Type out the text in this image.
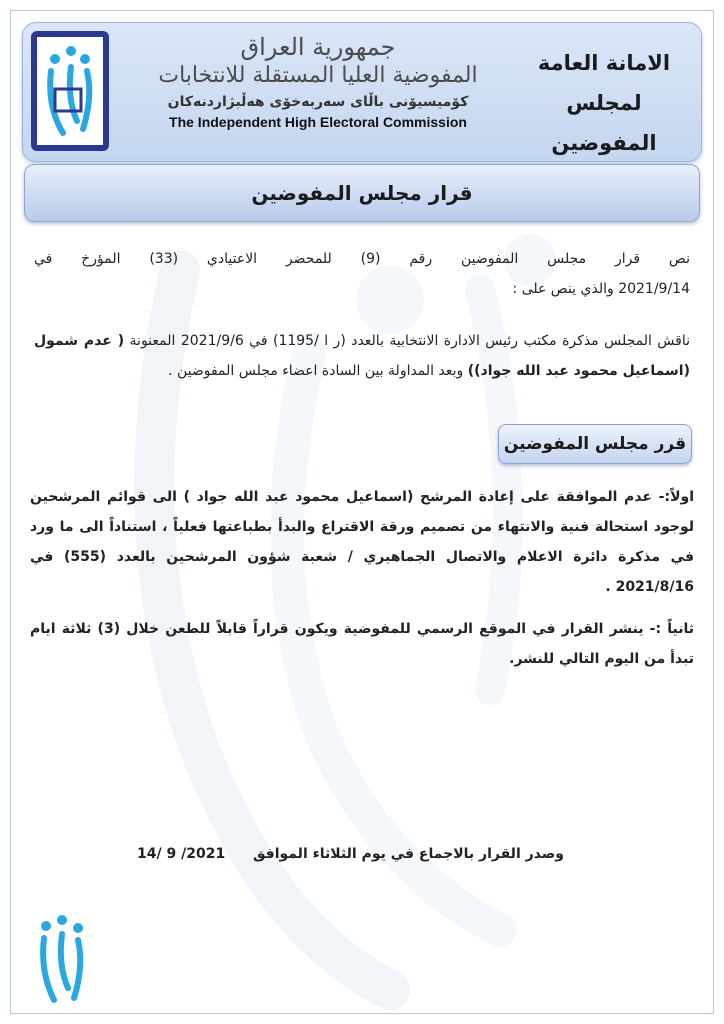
جمهورية العراق
المفوضية العليا المستقلة للانتخابات
كۆمیسیۆنی باڵای سەربەخۆی هەڵبژاردنەکان
The Independent High Electoral Commission
الامانة العامة
لمجلس المفوضين
قرار مجلس المفوضين
نص قرار مجلس المفوضين رقم (9) للمحضر الاعتيادي (33) المؤرخ في
2021/9/14 والذي ينص على :
ناقش المجلس مذكرة مكتب رئيس الادارة الانتخابية بالعدد (ر ا /1195) في 2021/9/6 المعنونة ( عدم شمول (اسماعيل محمود عبد الله جواد)) وبعد المداولة بين السادة اعضاء مجلس المفوضين .
قرر مجلس المفوضين
اولاً:- عدم الموافقة على إعادة المرشح (اسماعيل محمود عبد الله جواد ) الى قوائم المرشحين لوجود استحالة فنية والانتهاء من تصميم ورقة الاقتراع والبدأ بطباعتها فعلياً ، استناداً الى ما ورد في مذكرة دائرة الاعلام والاتصال الجماهيري / شعبة شؤون المرشحين بالعدد (555) في 2021/8/16 .
ثانياً :- ينشر القرار في الموقع الرسمي للمفوضية ويكون قراراً قابلاً للطعن خلال (3) ثلاثة ايام تبدأ من اليوم التالي للنشر.
وصدر القرار بالاجماع في يوم الثلاثاء الموافق  14/ 9 /2021
